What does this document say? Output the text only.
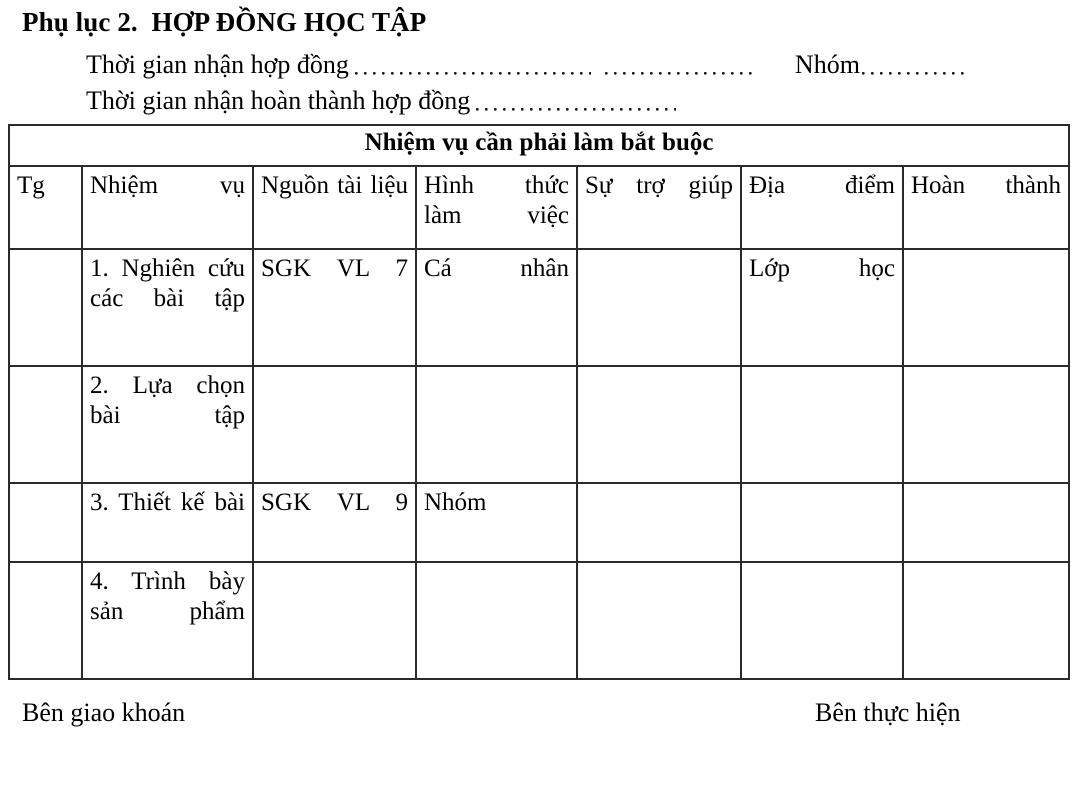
Phụ lục 2.  HỢP ĐỒNG HỌC TẬP
Thời gian nhận hợp đồng	Nhóm
Thời gian nhận hoàn thành hợp đồng
Nhiệm vụ cần phải làm bắt buộc						
Tg	Nhiệm vụ	Nguồn tài liệu	Hình thức làm việc	Sự trợ giúp	Địa điểm	Hoàn thành
	1. Nghiên cứu các bài tập	SGK VL 7	Cá nhân		Lớp học	
	2. Lựa chọn bài tập					
	3. Thiết kế bài	SGK VL 9	Nhóm			
	4. Trình bày sản phẩm					
Bên giao khoán	Bên thực hiện
